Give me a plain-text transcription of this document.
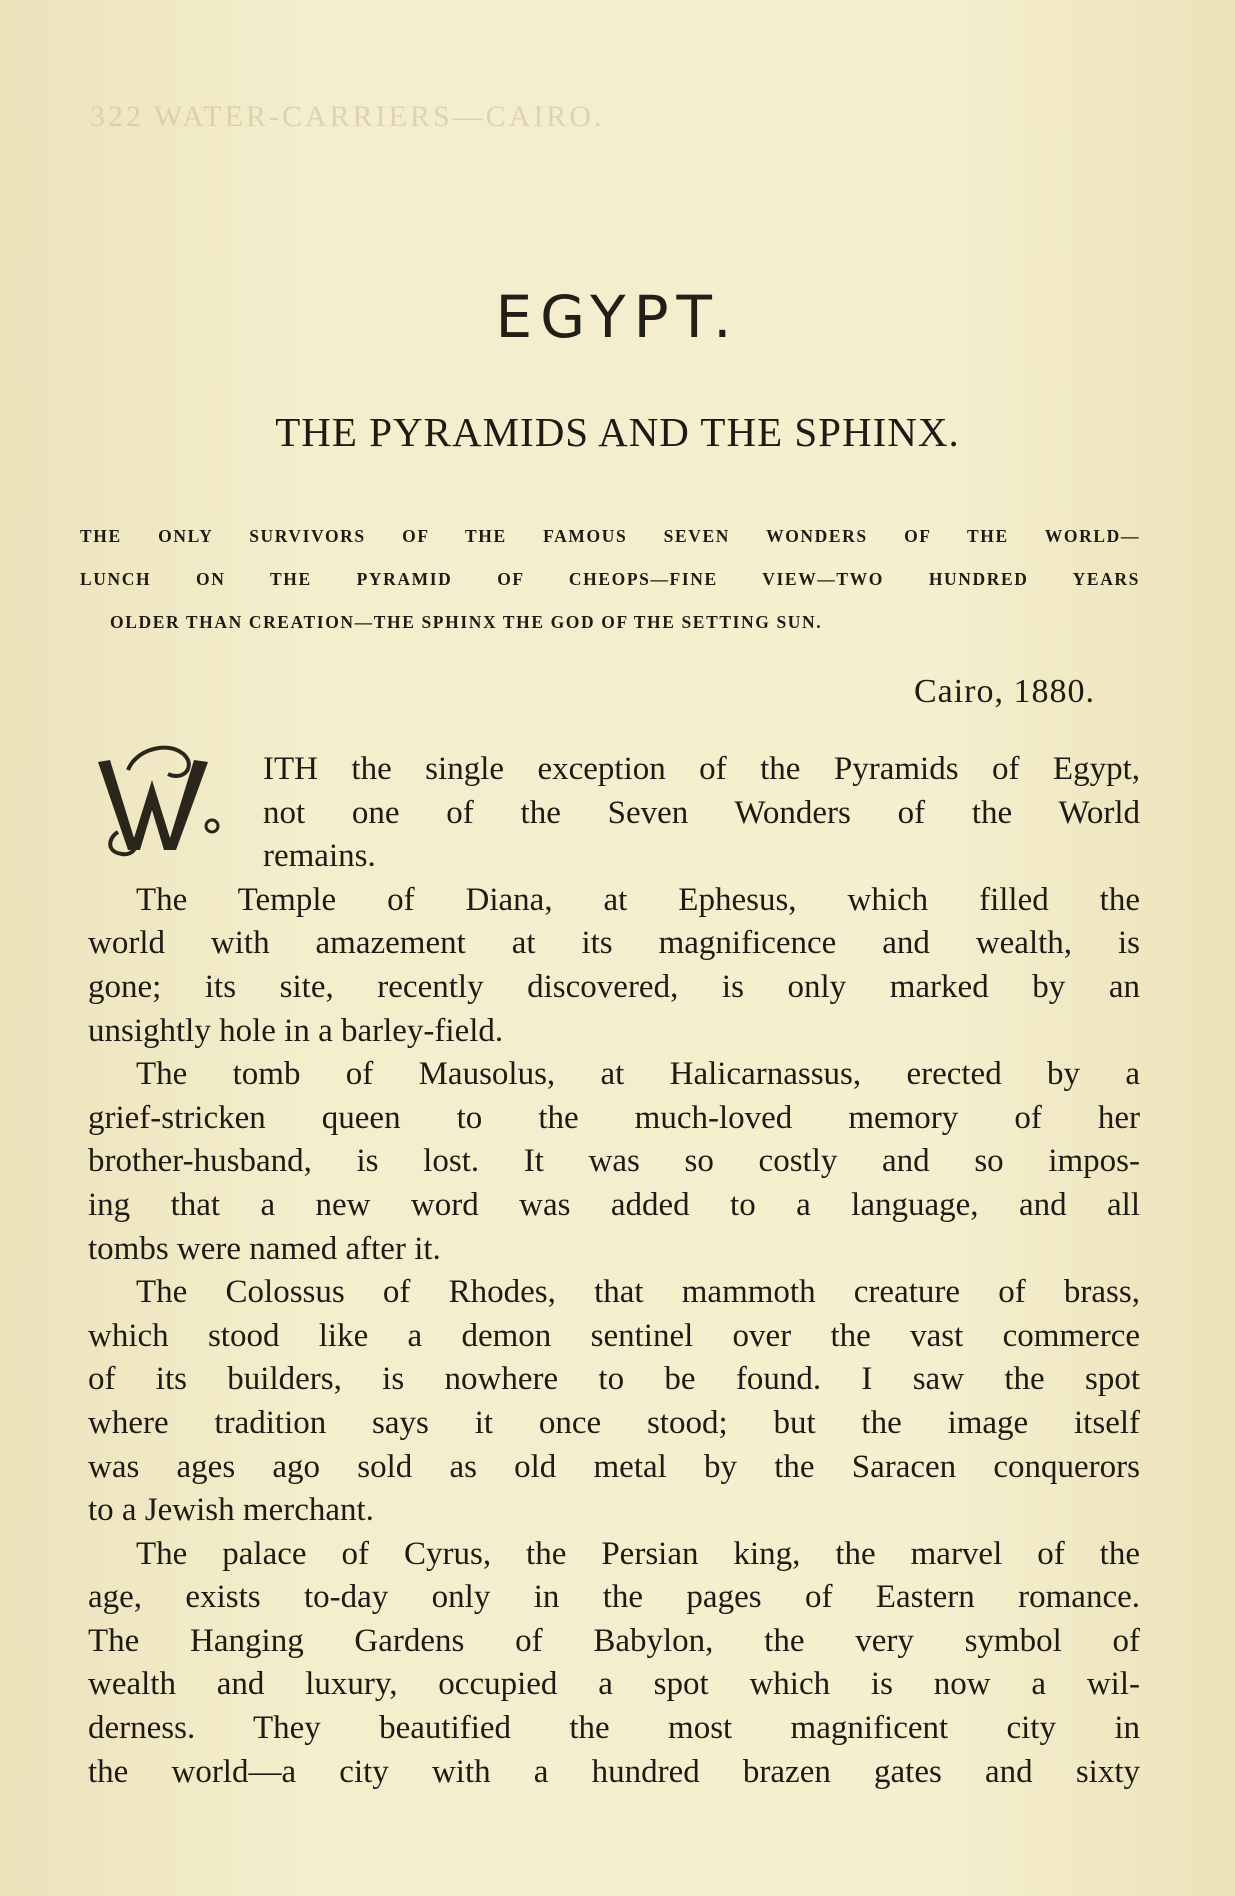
322 WATER-CARRIERS—CAIRO.
EGYPT.
THE PYRAMIDS AND THE SPHINX.
THE ONLY SURVIVORS OF THE FAMOUS SEVEN WONDERS OF THE WORLD—
LUNCH ON THE PYRAMID OF CHEOPS—FINE VIEW—TWO HUNDRED YEARS
OLDER THAN CREATION—THE SPHINX THE GOD OF THE SETTING SUN.
Cairo, 1880.
W
ITH the single exception of the Pyramids of Egypt,
not one of the Seven Wonders of the World
remains.
The Temple of Diana, at Ephesus, which filled the
world with amazement at its magnificence and wealth, is
gone; its site, recently discovered, is only marked by an
unsightly hole in a barley-field.
The tomb of Mausolus, at Halicarnassus, erected by a
grief-stricken queen to the much-loved memory of her
brother-husband, is lost. It was so costly and so impos-
ing that a new word was added to a language, and all
tombs were named after it.
The Colossus of Rhodes, that mammoth creature of brass,
which stood like a demon sentinel over the vast commerce
of its builders, is nowhere to be found. I saw the spot
where tradition says it once stood; but the image itself
was ages ago sold as old metal by the Saracen conquerors
to a Jewish merchant.
The palace of Cyrus, the Persian king, the marvel of the
age, exists to-day only in the pages of Eastern romance.
The Hanging Gardens of Babylon, the very symbol of
wealth and luxury, occupied a spot which is now a wil-
derness. They beautified the most magnificent city in
the world—a city with a hundred brazen gates and sixty
